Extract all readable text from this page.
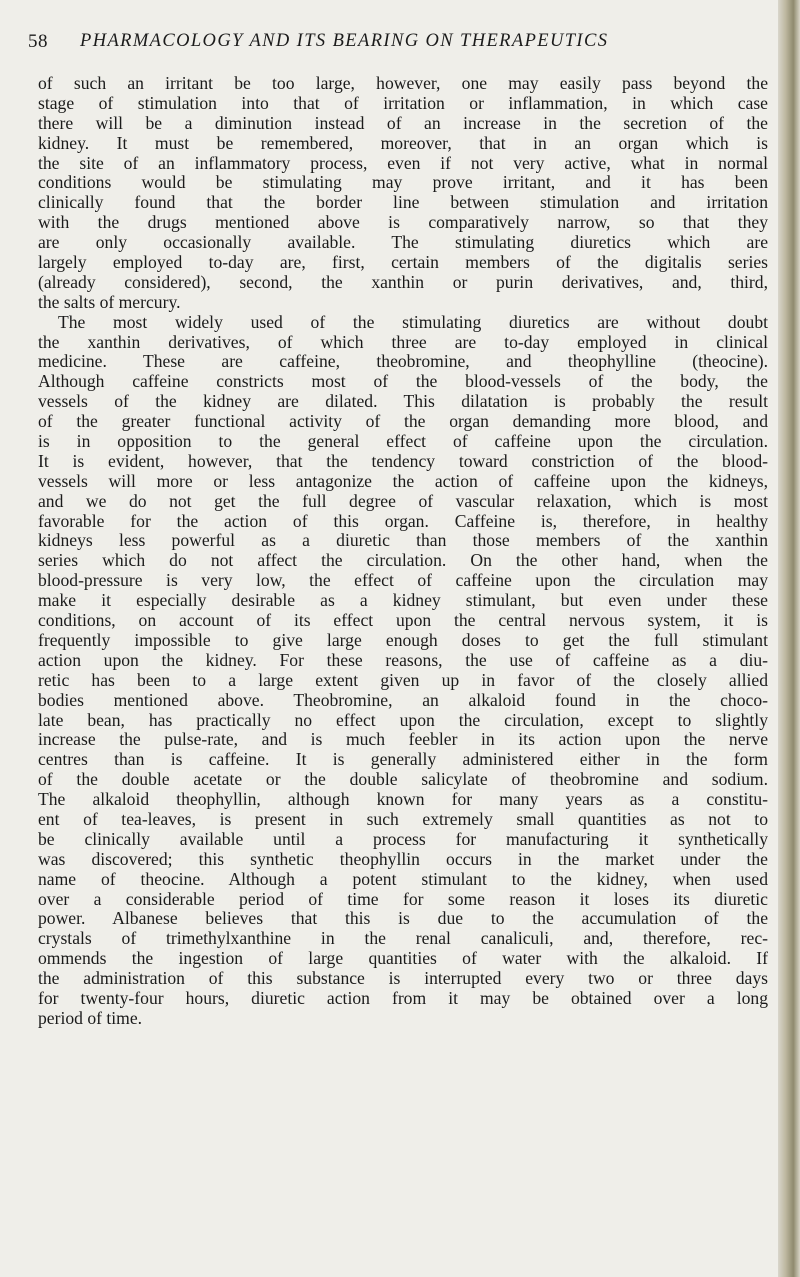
58 PHARMACOLOGY AND ITS BEARING ON THERAPEUTICS
of such an irritant be too large, however, one may easily pass beyond the
stage of stimulation into that of irritation or inflammation, in which case
there will be a diminution instead of an increase in the secretion of the
kidney. It must be remembered, moreover, that in an organ which is
the site of an inflammatory process, even if not very active, what in normal
conditions would be stimulating may prove irritant, and it has been
clinically found that the border line between stimulation and irritation
with the drugs mentioned above is comparatively narrow, so that they
are only occasionally available. The stimulating diuretics which are
largely employed to-day are, first, certain members of the digitalis series
(already considered), second, the xanthin or purin derivatives, and, third,
the salts of mercury.
The most widely used of the stimulating diuretics are without doubt
the xanthin derivatives, of which three are to-day employed in clinical
medicine. These are caffeine, theobromine, and theophylline (theocine).
Although caffeine constricts most of the blood-vessels of the body, the
vessels of the kidney are dilated. This dilatation is probably the result
of the greater functional activity of the organ demanding more blood, and
is in opposition to the general effect of caffeine upon the circulation.
It is evident, however, that the tendency toward constriction of the blood-
vessels will more or less antagonize the action of caffeine upon the kidneys,
and we do not get the full degree of vascular relaxation, which is most
favorable for the action of this organ. Caffeine is, therefore, in healthy
kidneys less powerful as a diuretic than those members of the xanthin
series which do not affect the circulation. On the other hand, when the
blood-pressure is very low, the effect of caffeine upon the circulation may
make it especially desirable as a kidney stimulant, but even under these
conditions, on account of its effect upon the central nervous system, it is
frequently impossible to give large enough doses to get the full stimulant
action upon the kidney. For these reasons, the use of caffeine as a diu-
retic has been to a large extent given up in favor of the closely allied
bodies mentioned above. Theobromine, an alkaloid found in the choco-
late bean, has practically no effect upon the circulation, except to slightly
increase the pulse-rate, and is much feebler in its action upon the nerve
centres than is caffeine. It is generally administered either in the form
of the double acetate or the double salicylate of theobromine and sodium.
The alkaloid theophyllin, although known for many years as a constitu-
ent of tea-leaves, is present in such extremely small quantities as not to
be clinically available until a process for manufacturing it synthetically
was discovered; this synthetic theophyllin occurs in the market under the
name of theocine. Although a potent stimulant to the kidney, when used
over a considerable period of time for some reason it loses its diuretic
power. Albanese believes that this is due to the accumulation of the
crystals of trimethylxanthine in the renal canaliculi, and, therefore, rec-
ommends the ingestion of large quantities of water with the alkaloid. If
the administration of this substance is interrupted every two or three days
for twenty-four hours, diuretic action from it may be obtained over a long
period of time.
